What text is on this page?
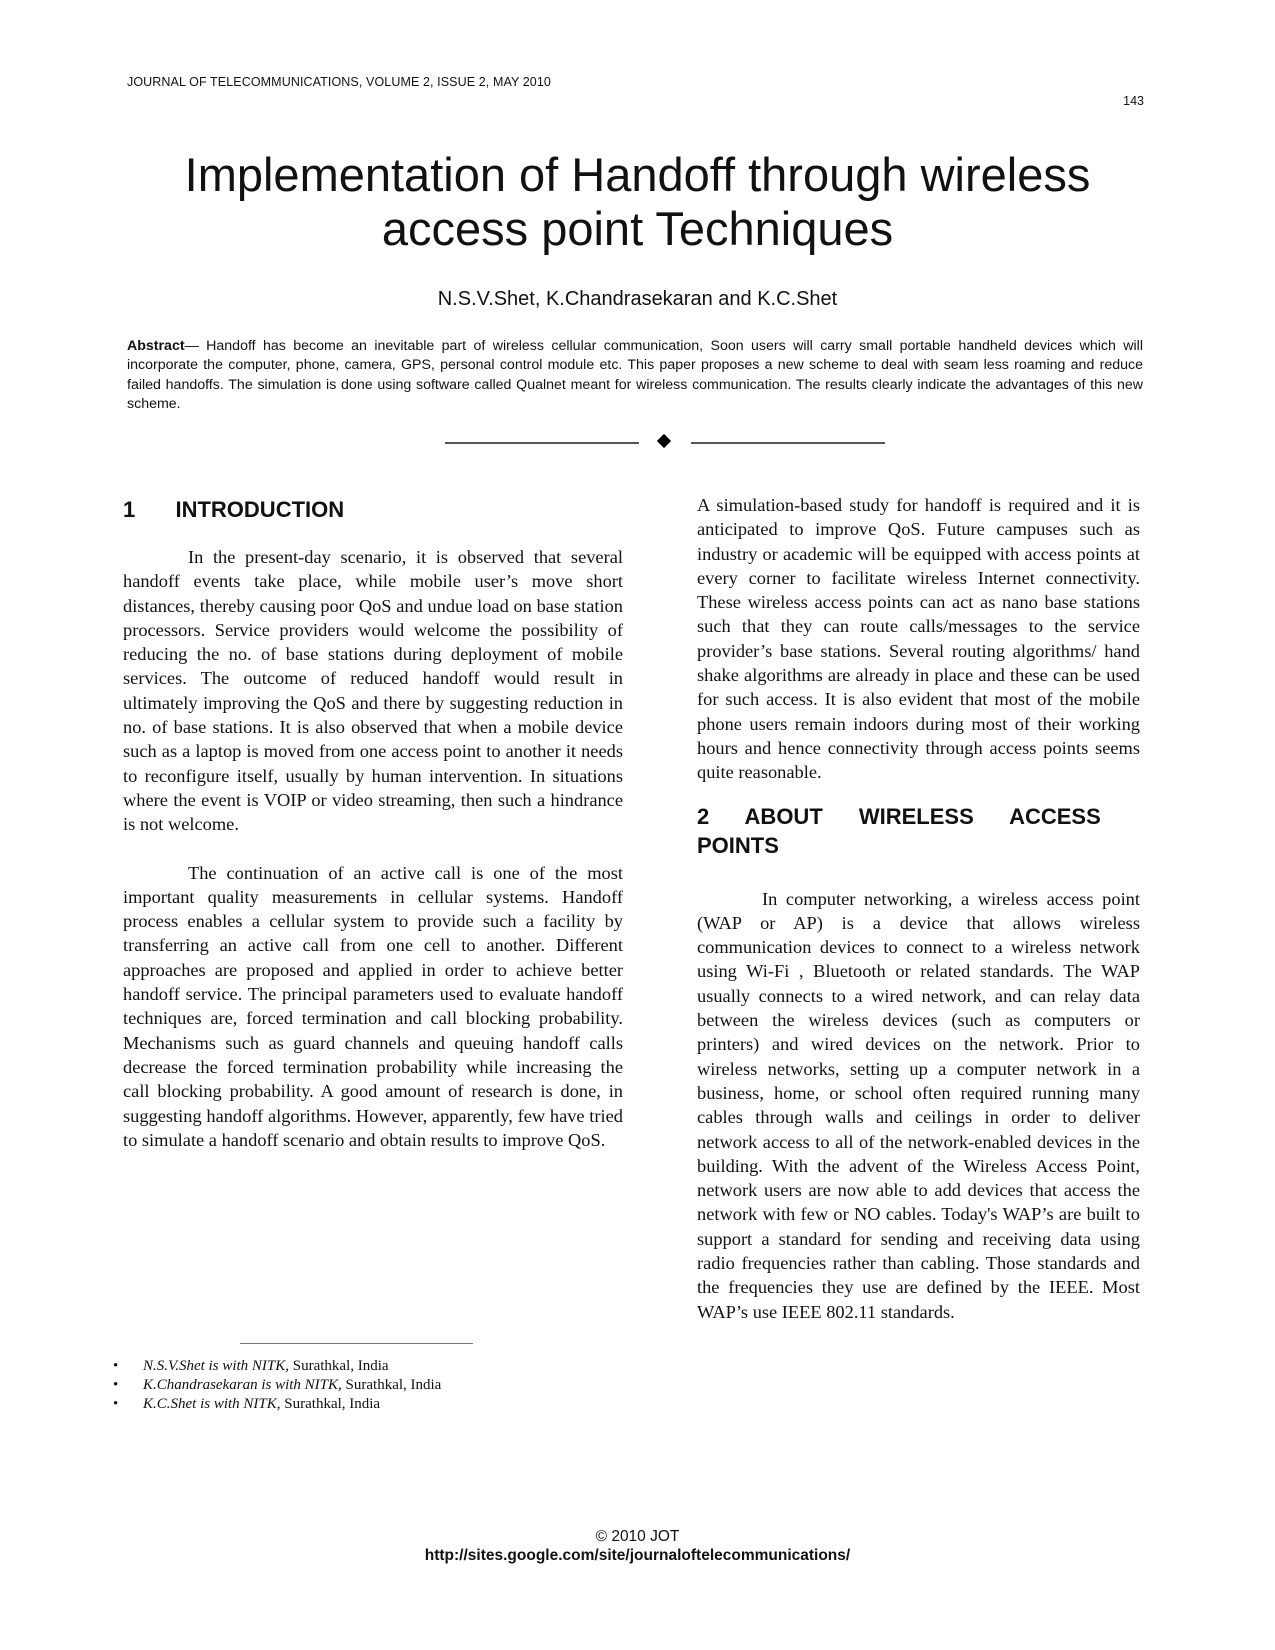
JOURNAL OF TELECOMMUNICATIONS, VOLUME 2, ISSUE 2, MAY 2010
143
Implementation of Handoff through wireless
access point Techniques
N.S.V.Shet, K.Chandrasekaran and K.C.Shet
Abstract— Handoff has become an inevitable part of wireless cellular communication, Soon users will carry small portable handheld devices which will incorporate the computer, phone, camera, GPS, personal control module etc. This paper proposes a new scheme to deal with seam less roaming and reduce failed handoffs. The simulation is done using software called Qualnet meant for wireless communication. The results clearly indicate the advantages of this new scheme.
1 INTRODUCTION

In the present-day scenario, it is observed that several handoff events take place, while mobile user’s move short distances, thereby causing poor QoS and undue load on base station processors. Service providers would welcome the possibility of reducing the no. of base stations during deployment of mobile services. The outcome of reduced handoff would result in ultimately improving the QoS and there by suggesting reduction in no. of base stations. It is also observed that when a mobile device such as a laptop is moved from one access point to another it needs to reconfigure itself, usually by human intervention. In situations where the event is VOIP or video streaming, then such a hindrance is not welcome.

The continuation of an active call is one of the most important quality measurements in cellular systems. Handoff process enables a cellular system to provide such a facility by transferring an active call from one cell to another. Different approaches are proposed and applied in order to achieve better handoff service. The principal parameters used to evaluate handoff techniques are, forced termination and call blocking probability. Mechanisms such as guard channels and queuing handoff calls decrease the forced termination probability while increasing the call blocking probability. A good amount of research is done, in suggesting handoff algorithms. However, apparently, few have tried to simulate a handoff scenario and obtain results to improve QoS.

A simulation-based study for handoff is required and it is anticipated to improve QoS. Future campuses such as industry or academic will be equipped with access points at every corner to facilitate wireless Internet connectivity. These wireless access points can act as nano base stations such that they can route calls/messages to the service provider’s base stations. Several routing algorithms/ hand shake algorithms are already in place and these can be used for such access. It is also evident that most of the mobile phone users remain indoors during most of their working hours and hence connectivity through access points seems quite reasonable.

2 ABOUT WIRELESS ACCESS POINTS

In computer networking, a wireless access point (WAP or AP) is a device that allows wireless communication devices to connect to a wireless network using Wi-Fi , Bluetooth or related standards. The WAP usually connects to a wired network, and can relay data between the wireless devices (such as computers or printers) and wired devices on the network. Prior to wireless networks, setting up a computer network in a business, home, or school often required running many cables through walls and ceilings in order to deliver network access to all of the network-enabled devices in the building. With the advent of the Wireless Access Point, network users are now able to add devices that access the network with few or NO cables. Today's WAP’s are built to support a standard for sending and receiving data using radio frequencies rather than cabling. Those standards and the frequencies they use are defined by the IEEE. Most WAP’s use IEEE 802.11 standards.

• N.S.V.Shet is with NITK, Surathkal, India
• K.Chandrasekaran is with NITK, Surathkal, India
• K.C.Shet is with NITK, Surathkal, India
© 2010 JOT
http://sites.google.com/site/journaloftelecommunications/
